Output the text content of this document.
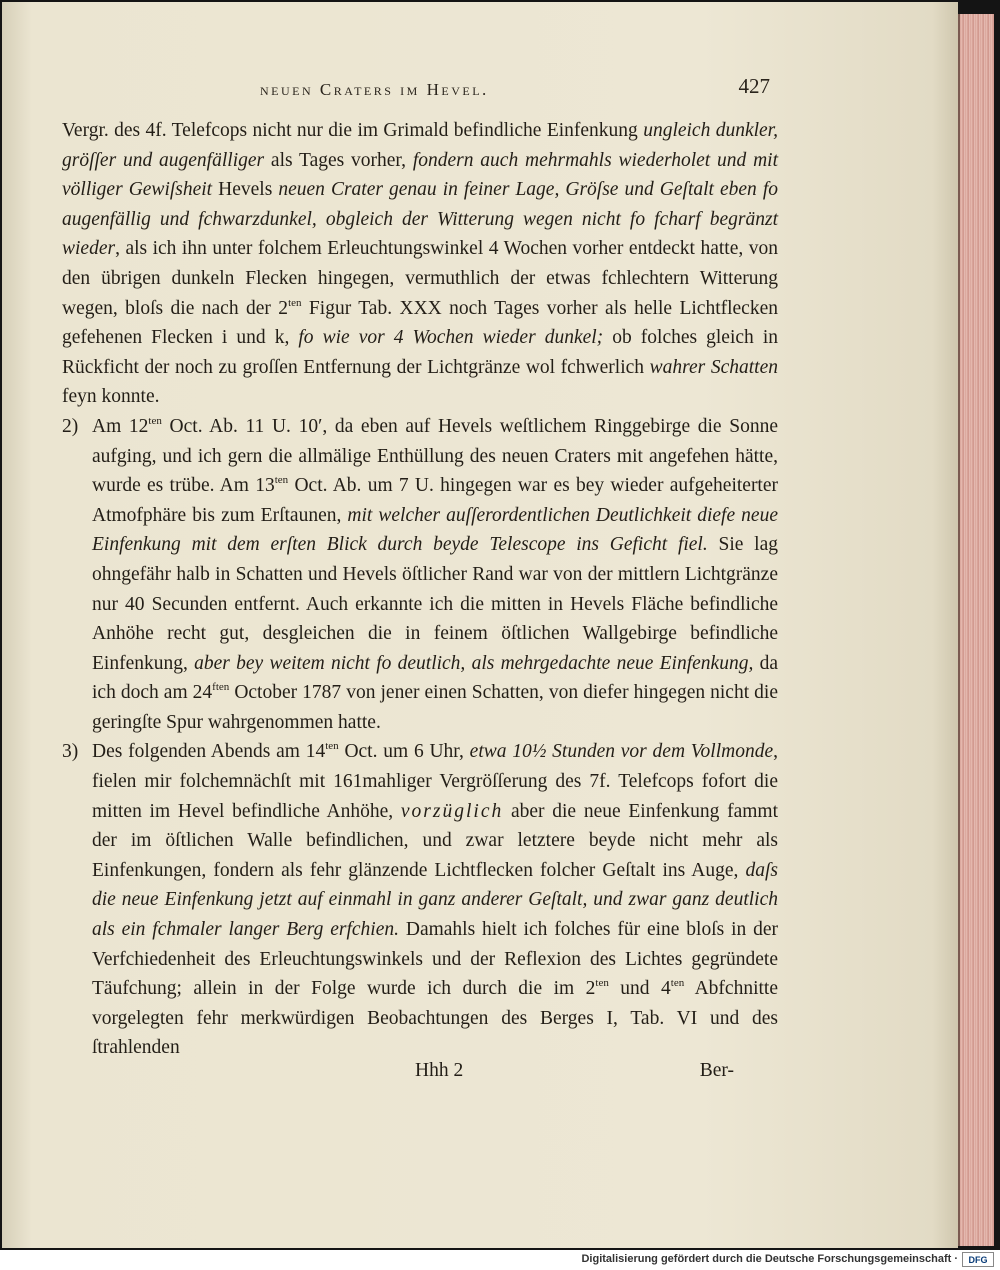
neuen Craters im Hevel.	427
Vergr. des 4f. Telefcops nicht nur die im Grimald befindliche Einfenkung ungleich dunkler, gröſſer und augenfälliger als Tages vorher, fondern auch mehrmahls wiederholet und mit völliger Gewiſsheit Hevels neuen Crater genau in feiner Lage, Gröſse und Geſtalt eben fo augenfällig und fchwarzdunkel, obgleich der Witterung wegen nicht fo fcharf begränzt wieder, als ich ihn unter folchem Erleuchtungswinkel 4 Wochen vorher entdeckt hatte, von den übrigen dunkeln Flecken hingegen, vermuthlich der etwas fchlechtern Witterung wegen, bloſs die nach der $2^{ten}$ Figur Tab. XXX noch Tages vorher als helle Lichtflecken gefehenen Flecken i und k, fo wie vor 4 Wochen wieder dunkel; ob folches gleich in Rückficht der noch zu groſſen Entfernung der Lichtgränze wol fchwerlich wahrer Schatten feyn konnte.
2) Am $12^{ten}$ Oct. Ab. 11 U. 10′, da eben auf Hevels weſtlichem Ringgebirge die Sonne aufging, und ich gern die allmälige Enthüllung des neuen Craters mit angefehen hätte, wurde es trübe. Am $13^{ten}$ Oct. Ab. um 7 U. hingegen war es bey wieder aufgeheiterter Atmofphäre bis zum Erſtaunen, mit welcher auſſerordentlichen Deutlichkeit diefe neue Einfenkung mit dem erſten Blick durch beyde Telescope ins Geficht fiel. Sie lag ohngefähr halb in Schatten und Hevels öſtlicher Rand war von der mittlern Lichtgränze nur 40 Secunden entfernt. Auch erkannte ich die mitten in Hevels Fläche befindliche Anhöhe recht gut, desgleichen die in feinem öſtlichen Wallgebirge befindliche Einfenkung, aber bey weitem nicht fo deutlich, als mehrgedachte neue Einfenkung, da ich doch am $24^{ften}$ October 1787 von jener einen Schatten, von diefer hingegen nicht die geringſte Spur wahrgenommen hatte.
3) Des folgenden Abends am $14^{ten}$ Oct. um 6 Uhr, etwa 10½ Stunden vor dem Vollmonde, fielen mir folchemnächſt mit 161mahliger Vergröſſerung des 7f. Telefcops fofort die mitten im Hevel befindliche Anhöhe, vorzüglich aber die neue Einfenkung fammt der im öſtlichen Walle befindlichen, und zwar letztere beyde nicht mehr als Einfenkungen, fondern als fehr glänzende Lichtflecken folcher Geſtalt ins Auge, daſs die neue Einfenkung jetzt auf einmahl in ganz anderer Geſtalt, und zwar ganz deutlich als ein fchmaler langer Berg erfchien. Damahls hielt ich folches für eine bloſs in der Verfchiedenheit des Erleuchtungswinkels und der Reflexion des Lichtes gegründete Täufchung; allein in der Folge wurde ich durch die im $2^{ten}$ und $4^{ten}$ Abfchnitte vorgelegten fehr merkwürdigen Beobachtungen des Berges I, Tab. VI und des ſtrahlenden
Hhh 2	Ber-
Digitalisierung gefördert durch die Deutsche Forschungsgemeinschaft ·	DFG
